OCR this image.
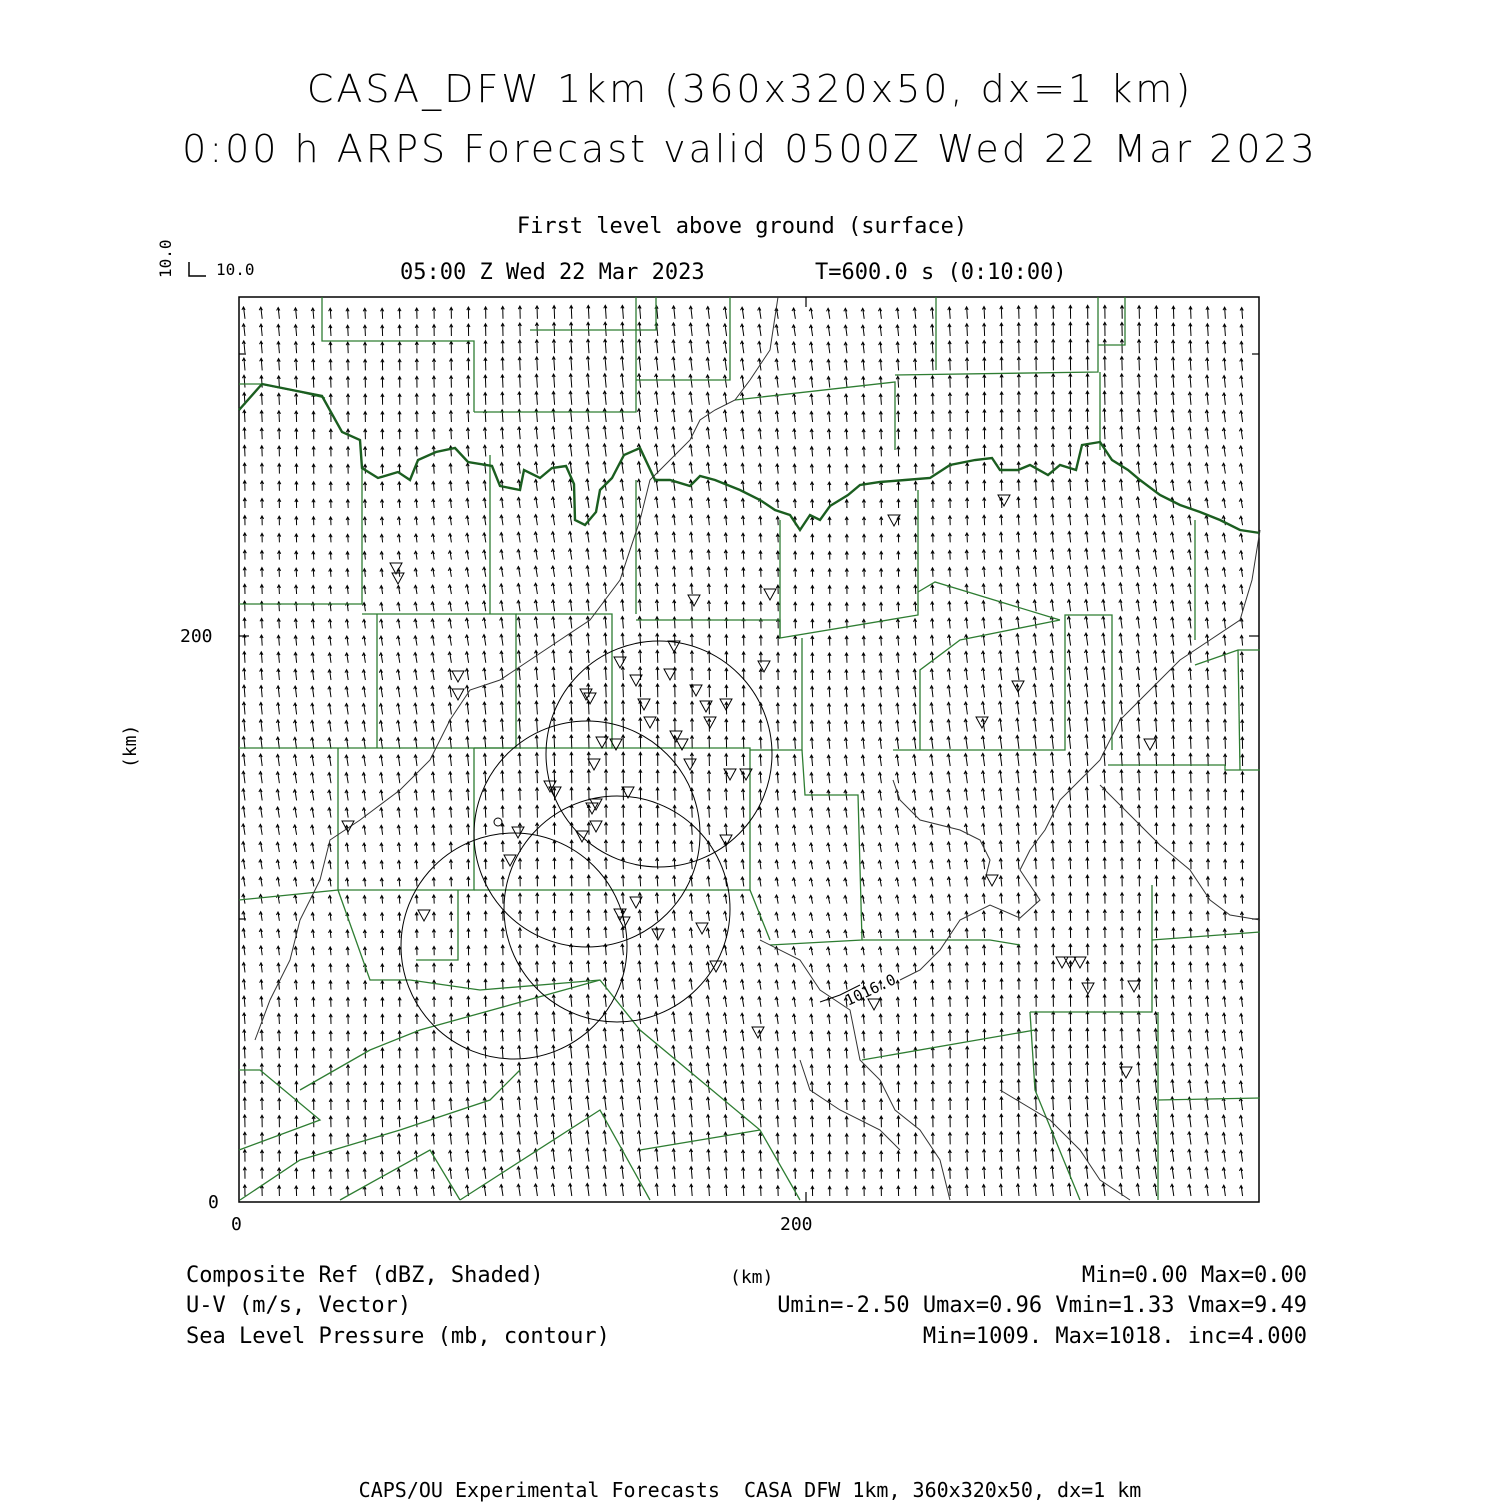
CASA_DFW 1km (360x320x50, dx=1 km)
0:00 h ARPS Forecast valid 0500Z Wed 22 Mar 2023
First level above ground (surface)
05:00 Z Wed 22 Mar 2023	T=600.0 s (0:10:00)
10.0	10.0
(km)
200
0
0	200
Composite Ref (dBZ, Shaded)
U-V (m/s, Vector)
Sea Level Pressure (mb, contour)
(km)	Min=0.00 Max=0.00
Umin=-2.50 Umax=0.96 Vmin=1.33 Vmax=9.49
Min=1009. Max=1018. inc=4.000
CAPS/OU Experimental Forecasts  CASA DFW 1km, 360x320x50, dx=1 km
1016.0
